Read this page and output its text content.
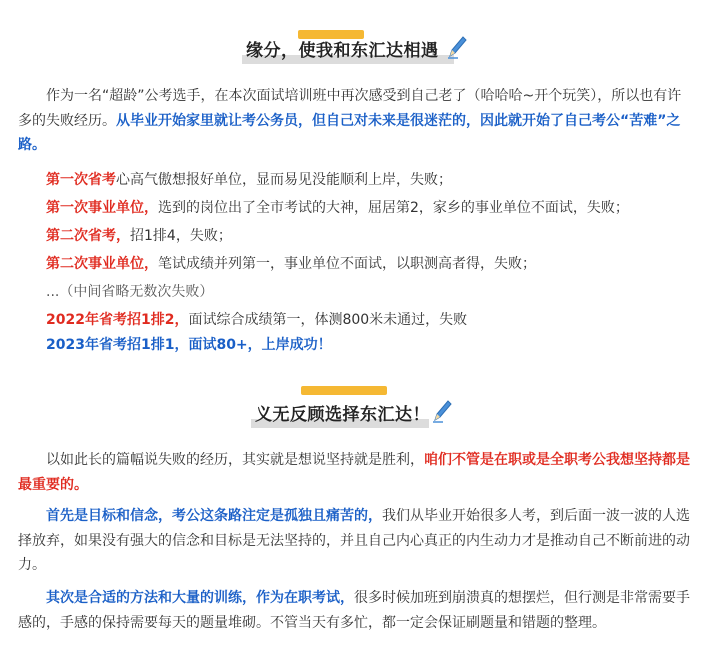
缘分，使我和东汇达相遇

作为一名“超龄”公考选手，在本次面试培训班中再次感受到自己老了（哈哈哈~开个玩笑），所以也有许多的失败经历。从毕业开始家里就让考公务员，但自己对未来是很迷茫的，因此就开始了自己考公“苦难”之路。

第一次省考心高气傲想报好单位，显而易见没能顺利上岸，失败；

第一次事业单位，选到的岗位出了全市考试的大神，屈居第2，家乡的事业单位不面试，失败；

第二次省考，招1排4，失败；

第二次事业单位，笔试成绩并列第一，事业单位不面试，以职测高者得，失败；

...（中间省略无数次失败）

2022年省考招1排2，面试综合成绩第一，体测800米未通过，失败

2023年省考招1排1，面试80+，上岸成功！

义无反顾选择东汇达！

以如此长的篇幅说失败的经历，其实就是想说坚持就是胜利，咱们不管是在职或是全职考公我想坚持都是最重要的。

首先是目标和信念，考公这条路注定是孤独且痛苦的，我们从毕业开始很多人考，到后面一波一波的人选择放弃，如果没有强大的信念和目标是无法坚持的，并且自己内心真正的内生动力才是推动自己不断前进的动力。

其次是合适的方法和大量的训练，作为在职考试，很多时候加班到崩溃真的想摆烂，但行测是非常需要手感的，手感的保持需要每天的题量堆砌。不管当天有多忙，都一定会保证刷题量和错题的整理。
